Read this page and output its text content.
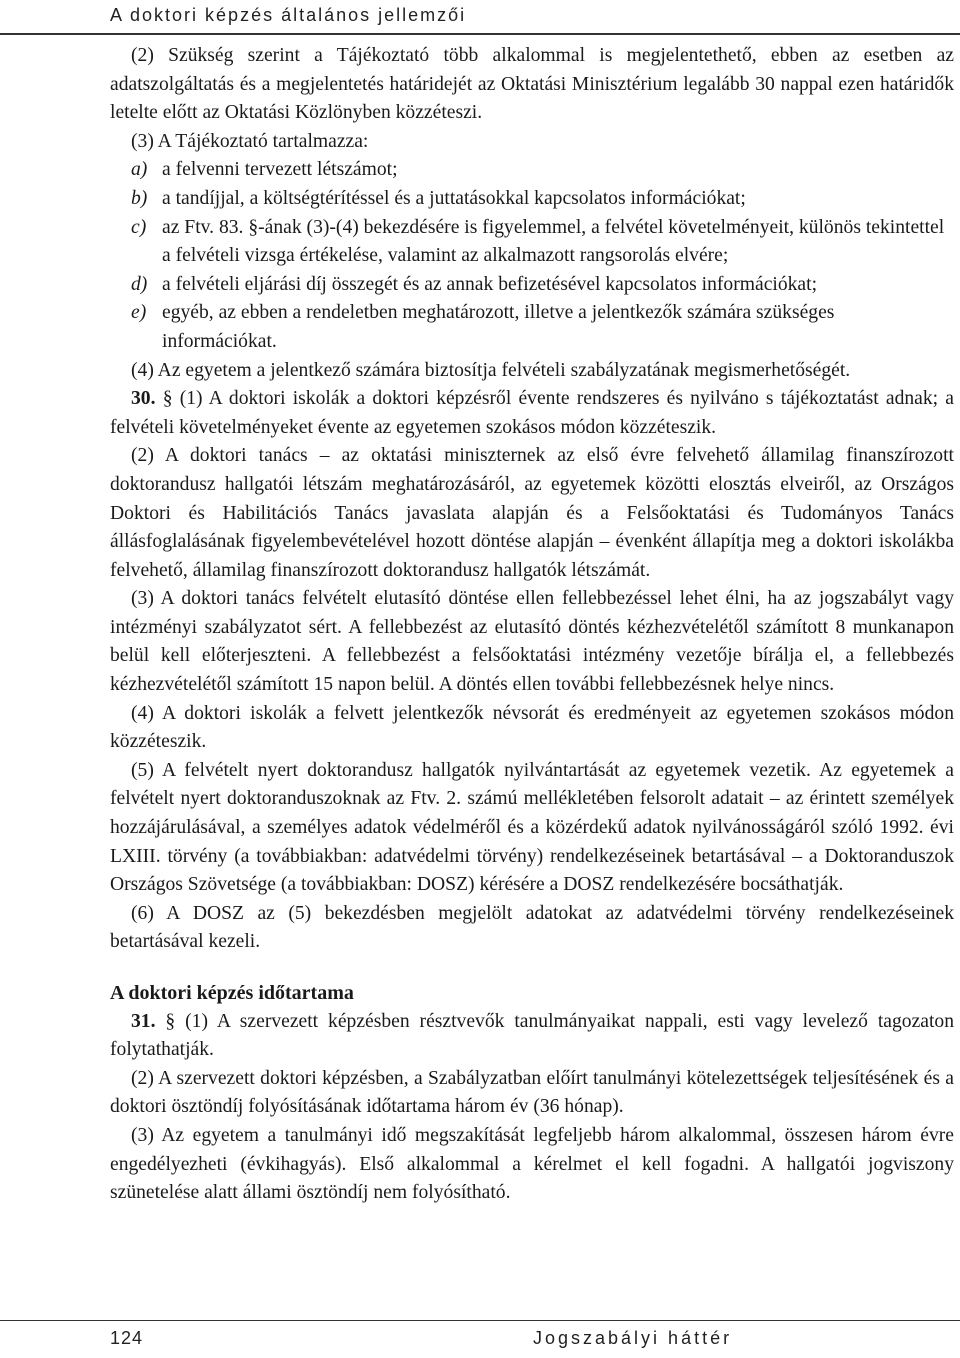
A doktori képzés általános jellemzői

(2) Szükség szerint a Tájékoztató több alkalommal is megjelentethető, ebben az esetben az adatszolgáltatás és a megjelentetés határidejét az Oktatási Minisztérium legalább 30 nappal ezen határidők letelte előtt az Oktatási Közlönyben közzéteszi.

(3) A Tájékoztató tartalmazza:

a) a felvenni tervezett létszámot;

b) a tandíjjal, a költségtérítéssel és a juttatásokkal kapcsolatos információkat;

c) az Ftv. 83. §-ának (3)-(4) bekezdésére is figyelemmel, a felvétel követelményeit, különös tekintettel a felvételi vizsga értékelése, valamint az alkalmazott rangsorolás elvére;

d) a felvételi eljárási díj összegét és az annak befizetésével kapcsolatos információkat;

e) egyéb, az ebben a rendeletben meghatározott, illetve a jelentkezők számára szükséges információkat.

(4) Az egyetem a jelentkező számára biztosítja felvételi szabályzatának megismerhetőségét.

30. § (1) A doktori iskolák a doktori képzésről évente rendszeres és nyilváno s tájékoztatást adnak; a felvételi követelményeket évente az egyetemen szokásos módon közzéteszik.

(2) A doktori tanács – az oktatási miniszternek az első évre felvehető államilag finanszírozott doktorandusz hallgatói létszám meghatározásáról, az egyetemek közötti elosztás elveiről, az Országos Doktori és Habilitációs Tanács javaslata alapján és a Felsőoktatási és Tudományos Tanács állásfoglalásának figyelembevételével hozott döntése alapján – évenként állapítja meg a doktori iskolákba felvehető, államilag finanszírozott doktorandusz hallgatók létszámát.

(3) A doktori tanács felvételt elutasító döntése ellen fellebbezéssel lehet élni, ha az jogszabályt vagy intézményi szabályzatot sért. A fellebbezést az elutasító döntés kézhezvételétől számított 8 munkanapon belül kell előterjeszteni. A fellebbezést a felsőoktatási intézmény vezetője bírálja el, a fellebbezés kézhezvételétől számított 15 napon belül. A döntés ellen további fellebbezésnek helye nincs.

(4) A doktori iskolák a felvett jelentkezők névsorát és eredményeit az egyetemen szokásos módon közzéteszik.

(5) A felvételt nyert doktorandusz hallgatók nyilvántartását az egyetemek vezetik. Az egyetemek a felvételt nyert doktoranduszoknak az Ftv. 2. számú mellékletében felsorolt adatait – az érintett személyek hozzájárulásával, a személyes adatok védelméről és a közérdekű adatok nyilvánosságáról szóló 1992. évi LXIII. törvény (a továbbiakban: adatvédelmi törvény) rendelkezéseinek betartásával – a Doktoranduszok Országos Szövetsége (a továbbiakban: DOSZ) kérésére a DOSZ rendelkezésére bocsáthatják.

(6) A DOSZ az (5) bekezdésben megjelölt adatokat az adatvédelmi törvény rendelkezéseinek betartásával kezeli.

A doktori képzés időtartama

31. § (1) A szervezett képzésben résztvevők tanulmányaikat nappali, esti vagy levelező tagozaton folytathatják.

(2) A szervezett doktori képzésben, a Szabályzatban előírt tanulmányi kötelezettségek teljesítésének és a doktori ösztöndíj folyósításának időtartama három év (36 hónap).

(3) Az egyetem a tanulmányi idő megszakítását legfeljebb három alkalommal, összesen három évre engedélyezheti (évkihagyás). Első alkalommal a kérelmet el kell fogadni. A hallgatói jogviszony szünetelése alatt állami ösztöndíj nem folyósítható.

124	Jogszabályi háttér
